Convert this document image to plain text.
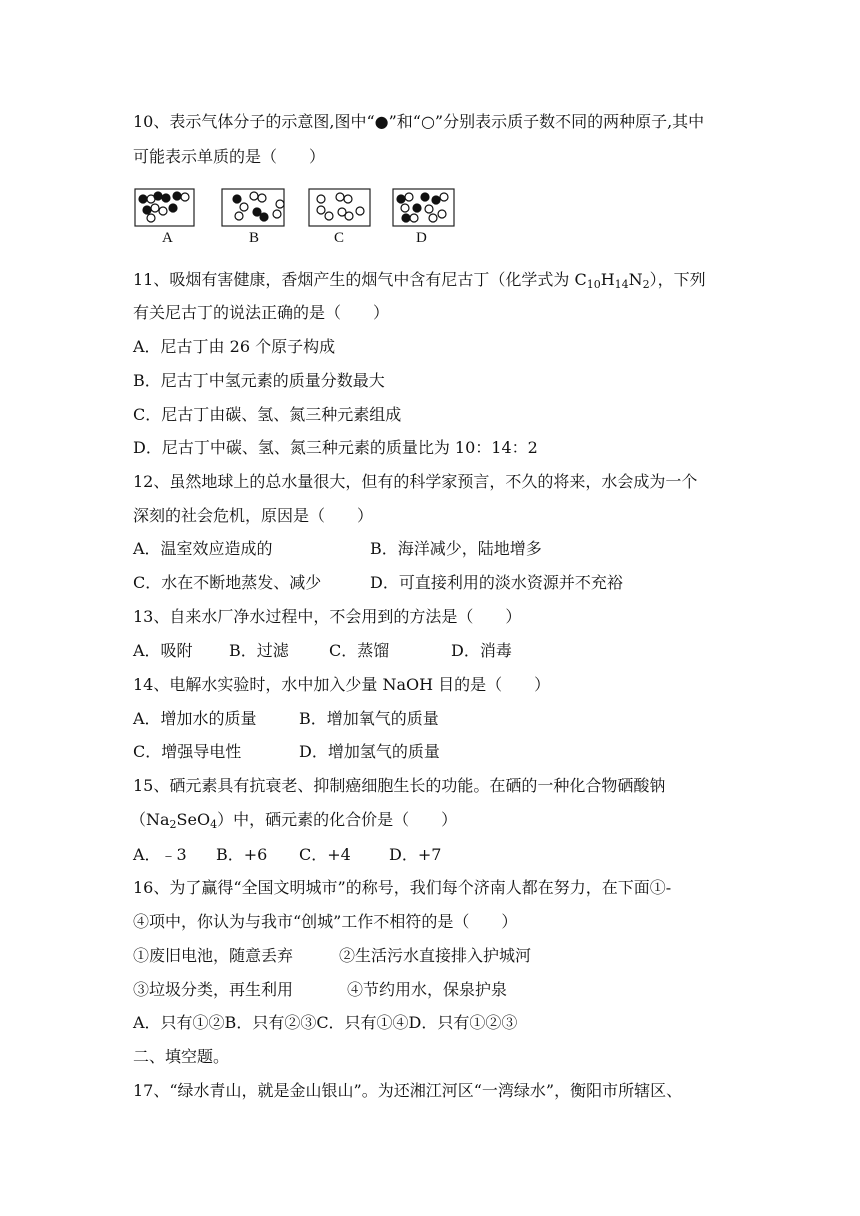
10、表示气体分子的示意图,图中“●”和“○”分别表示质子数不同的两种原子,其中
可能表示单质的是（　　）
A	B	C	D
11、吸烟有害健康，香烟产生的烟气中含有尼古丁（化学式为 $C_{10}H_{14}N_2$），下列
有关尼古丁的说法正确的是（　　）
A．尼古丁由 26 个原子构成
B．尼古丁中氢元素的质量分数最大
C．尼古丁由碳、氢、氮三种元素组成
D．尼古丁中碳、氢、氮三种元素的质量比为 10：14：2
12、虽然地球上的总水量很大，但有的科学家预言，不久的将来，水会成为一个
深刻的社会危机，原因是（　　）
A．温室效应造成的	B．海洋减少，陆地增多
C．水在不断地蒸发、减少	D．可直接利用的淡水资源并不充裕
13、自来水厂净水过程中，不会用到的方法是（　　）
A．吸附 B．过滤	C．蒸馏	D．消毒
14、电解水实验时，水中加入少量 NaOH 目的是（　　）
A．增加水的质量	B．增加氧气的质量
C．增强导电性	D．增加氢气的质量
15、硒元素具有抗衰老、抑制癌细胞生长的功能。在硒的一种化合物硒酸钠
$(Na_2SeO_4)$中，硒元素的化合价是（　　）
A．﹣3 B．+6 C．+4 D．+7
16、为了赢得“全国文明城市”的称号，我们每个济南人都在努力，在下面①-
④项中，你认为与我市“创城”工作不相符的是（　　）
①废旧电池，随意丢弃	②生活污水直接排入护城河
③垃圾分类，再生利用	④节约用水，保泉护泉
A．只有①②B．只有②③C．只有①④D．只有①②③
二、填空题。
17、“绿水青山，就是金山银山”。为还湘江河区“一湾绿水”，衡阳市所辖区、
